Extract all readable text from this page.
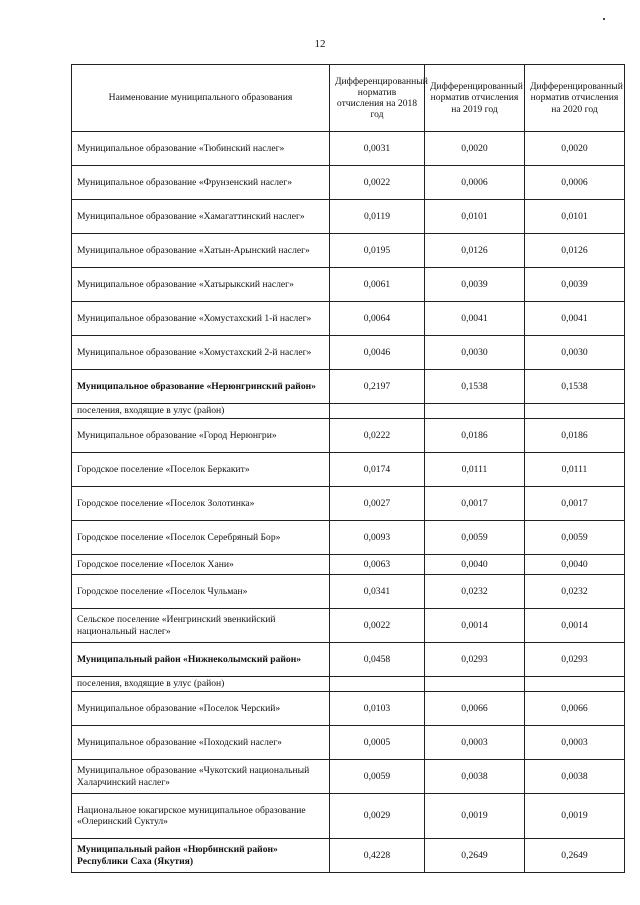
12
Наименование муниципального образования	Дифференцированный норматив отчисления на 2018 год	Дифференцированный норматив отчисления на 2019 год	Дифференцированный норматив отчисления на 2020 год
Муниципальное образование «Тюбинский наслег»	0,0031	0,0020	0,0020
Муниципальное образование «Фрунзенский наслег»	0,0022	0,0006	0,0006
Муниципальное образование «Хамагаттинский наслег»	0,0119	0,0101	0,0101
Муниципальное образование «Хатын-Арынский наслег»	0,0195	0,0126	0,0126
Муниципальное образование «Хатырыкский наслег»	0,0061	0,0039	0,0039
Муниципальное образование «Хомустахский 1-й наслег»	0,0064	0,0041	0,0041
Муниципальное образование «Хомустахский 2-й наслег»	0,0046	0,0030	0,0030
Муниципальное образование «Нерюнгринский район»	0,2197	0,1538	0,1538
поселения, входящие в улус (район)			
Муниципальное образование «Город Нерюнгри»	0,0222	0,0186	0,0186
Городское поселение «Поселок Беркакит»	0,0174	0,0111	0,0111
Городское поселение «Поселок Золотинка»	0,0027	0,0017	0,0017
Городское поселение «Поселок Серебряный Бор»	0,0093	0,0059	0,0059
Городское поселение «Поселок Хани»	0,0063	0,0040	0,0040
Городское поселение «Поселок Чульман»	0,0341	0,0232	0,0232
Сельское поселение «Иенгринский эвенкийский национальный наслег»	0,0022	0,0014	0,0014
Муниципальный район «Нижнеколымский район»	0,0458	0,0293	0,0293
поселения, входящие в улус (район)			
Муниципальное образование «Поселок Черский»	0,0103	0,0066	0,0066
Муниципальное образование «Походский наслег»	0,0005	0,0003	0,0003
Муниципальное образование «Чукотский национальный Халарчинский наслег»	0,0059	0,0038	0,0038
Национальное юкагирское муниципальное образование «Олеринский Суктул»	0,0029	0,0019	0,0019
Муниципальный район «Нюрбинский район» Республики Саха (Якутия)	0,4228	0,2649	0,2649
